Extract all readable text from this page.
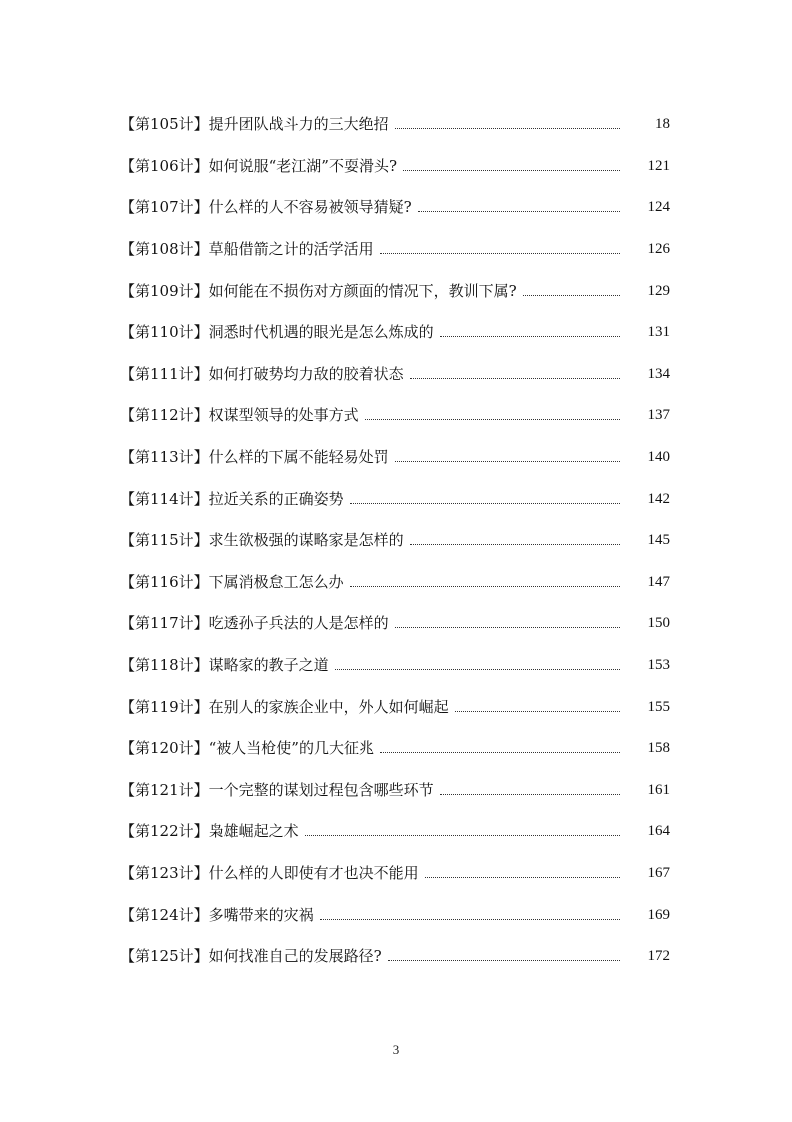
【第105计】提升团队战斗力的三大绝招	18
【第106计】如何说服“老江湖”不耍滑头?	121
【第107计】什么样的人不容易被领导猜疑?	124
【第108计】草船借箭之计的活学活用	126
【第109计】如何能在不损伤对方颜面的情况下，教训下属?	129
【第110计】洞悉时代机遇的眼光是怎么炼成的	131
【第111计】如何打破势均力敌的胶着状态	134
【第112计】权谋型领导的处事方式	137
【第113计】什么样的下属不能轻易处罚	140
【第114计】拉近关系的正确姿势	142
【第115计】求生欲极强的谋略家是怎样的	145
【第116计】下属消极怠工怎么办	147
【第117计】吃透孙子兵法的人是怎样的	150
【第118计】谋略家的教子之道	153
【第119计】在别人的家族企业中，外人如何崛起	155
【第120计】“被人当枪使”的几大征兆	158
【第121计】一个完整的谋划过程包含哪些环节	161
【第122计】枭雄崛起之术	164
【第123计】什么样的人即使有才也决不能用	167
【第124计】多嘴带来的灾祸	169
【第125计】如何找准自己的发展路径?	172
3
